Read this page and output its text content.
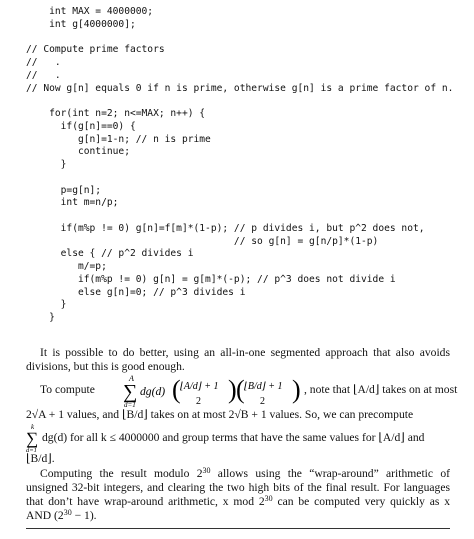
int MAX = 4000000;
int g[4000000];

// Compute prime factors
//   .
//   .
// Now g[n] equals 0 if n is prime, otherwise g[n] is a prime factor of n.

for(int n=2; n<=MAX; n++) {
if(g[n]==0) {
g[n]=1-n; // n is prime
continue;
}

p=g[n];
int m=n/p;

if(m%p != 0) g[n]=f[m]*(1-p); // p divides i, but p^2 does not,
// so g[n] = g[n/p]*(1-p)
else { // p^2 divides i
m/=p;
if(m%p != 0) g[n] = g[m]*(-p); // p^3 does not divide i
else g[n]=0; // p^3 divides i
}
}
It is possible to do better, using an all-in-one segmented approach that also avoids divisions, but this is good enough.
To compute
A
∑
d=1
dg(d) ( ⌊A/d⌋ + 1
2 ) ( ⌊B/d⌋ + 1
2 ) , note that ⌊A/d⌋ takes on at most
2√A + 1 values, and ⌊B/d⌋ takes on at most 2√B + 1 values. So, we can precompute
k
∑
d=1
dg(d) for all k ≤ 4000000 and group terms that have the same values for ⌊A/d⌋ and
⌊B/d⌋.
Computing the result modulo $2^{30}$ allows using the “wrap-around” arithmetic of unsigned 32-bit integers, and clearing the two high bits of the final result. For languages that don’t have wrap-around arithmetic, x mod $2^{30}$ can be computed very quickly as x AND $(2^{30} - 1)$.
